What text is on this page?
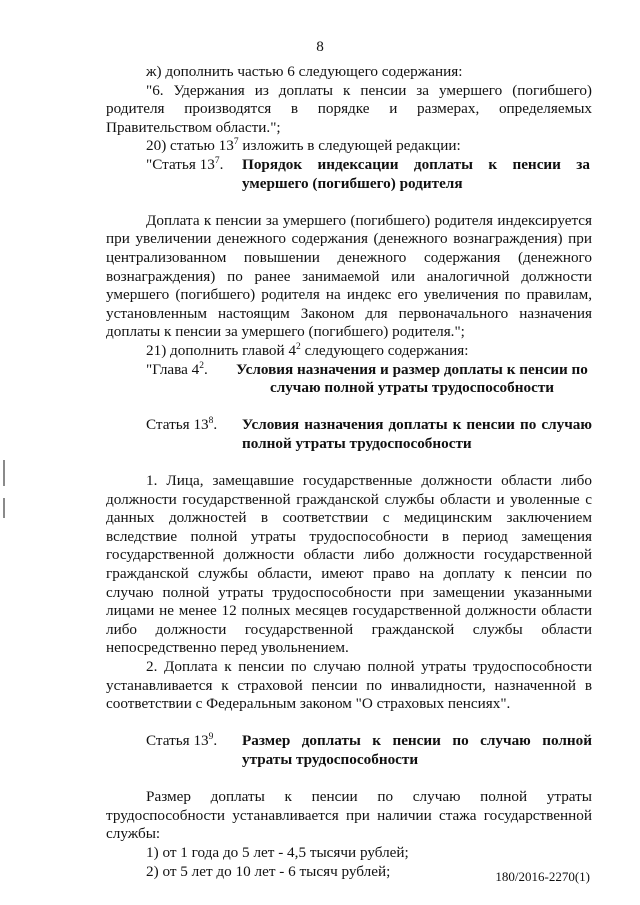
8

ж) дополнить частью 6 следующего содержания:

"6. Удержания из доплаты к пенсии за умершего (погибшего) родителя производятся в порядке и размерах, определяемых Правительством области.";

20) статью $13^7$ изложить в следующей редакции:

"Статья $13^7$.	Порядок индексации доплаты к пенсии за умершего (погибшего) родителя

Доплата к пенсии за умершего (погибшего) родителя индексируется при увеличении денежного содержания (денежного вознаграждения) при централизованном повышении денежного содержания (денежного вознаграждения) по ранее занимаемой или аналогичной должности умершего (погибшего) родителя на индекс его увеличения по правилам, установленным настоящим Законом для первоначального назначения доплаты к пенсии за умершего (погибшего) родителя.";

21) дополнить главой $4^2$ следующего содержания:

"Глава $4^2$.	Условия назначения и размер доплаты к пенсии по случаю полной утраты трудоспособности
Статья $13^8$.	Условия назначения доплаты к пенсии по случаю полной утраты трудоспособности

1. Лица, замещавшие государственные должности области либо должности государственной гражданской службы области и уволенные с данных должностей в соответствии с медицинским заключением вследствие полной утраты трудоспособности в период замещения государственной должности области либо должности государственной гражданской службы области, имеют право на доплату к пенсии по случаю полной утраты трудоспособности при замещении указанными лицами не менее 12 полных месяцев государственной должности области либо должности государственной гражданской службы области непосредственно перед увольнением.

2. Доплата к пенсии по случаю полной утраты трудоспособности устанавливается к страховой пенсии по инвалидности, назначенной в соответствии с Федеральным законом "О страховых пенсиях".

Статья $13^9$.	Размер доплаты к пенсии по случаю полной утраты трудоспособности

Размер доплаты к пенсии по случаю полной утраты трудоспособности устанавливается при наличии стажа государственной службы:

1) от 1 года до 5 лет - 4,5 тысячи рублей;

2) от 5 лет до 10 лет - 6 тысяч рублей;	180/2016-2270(1)
